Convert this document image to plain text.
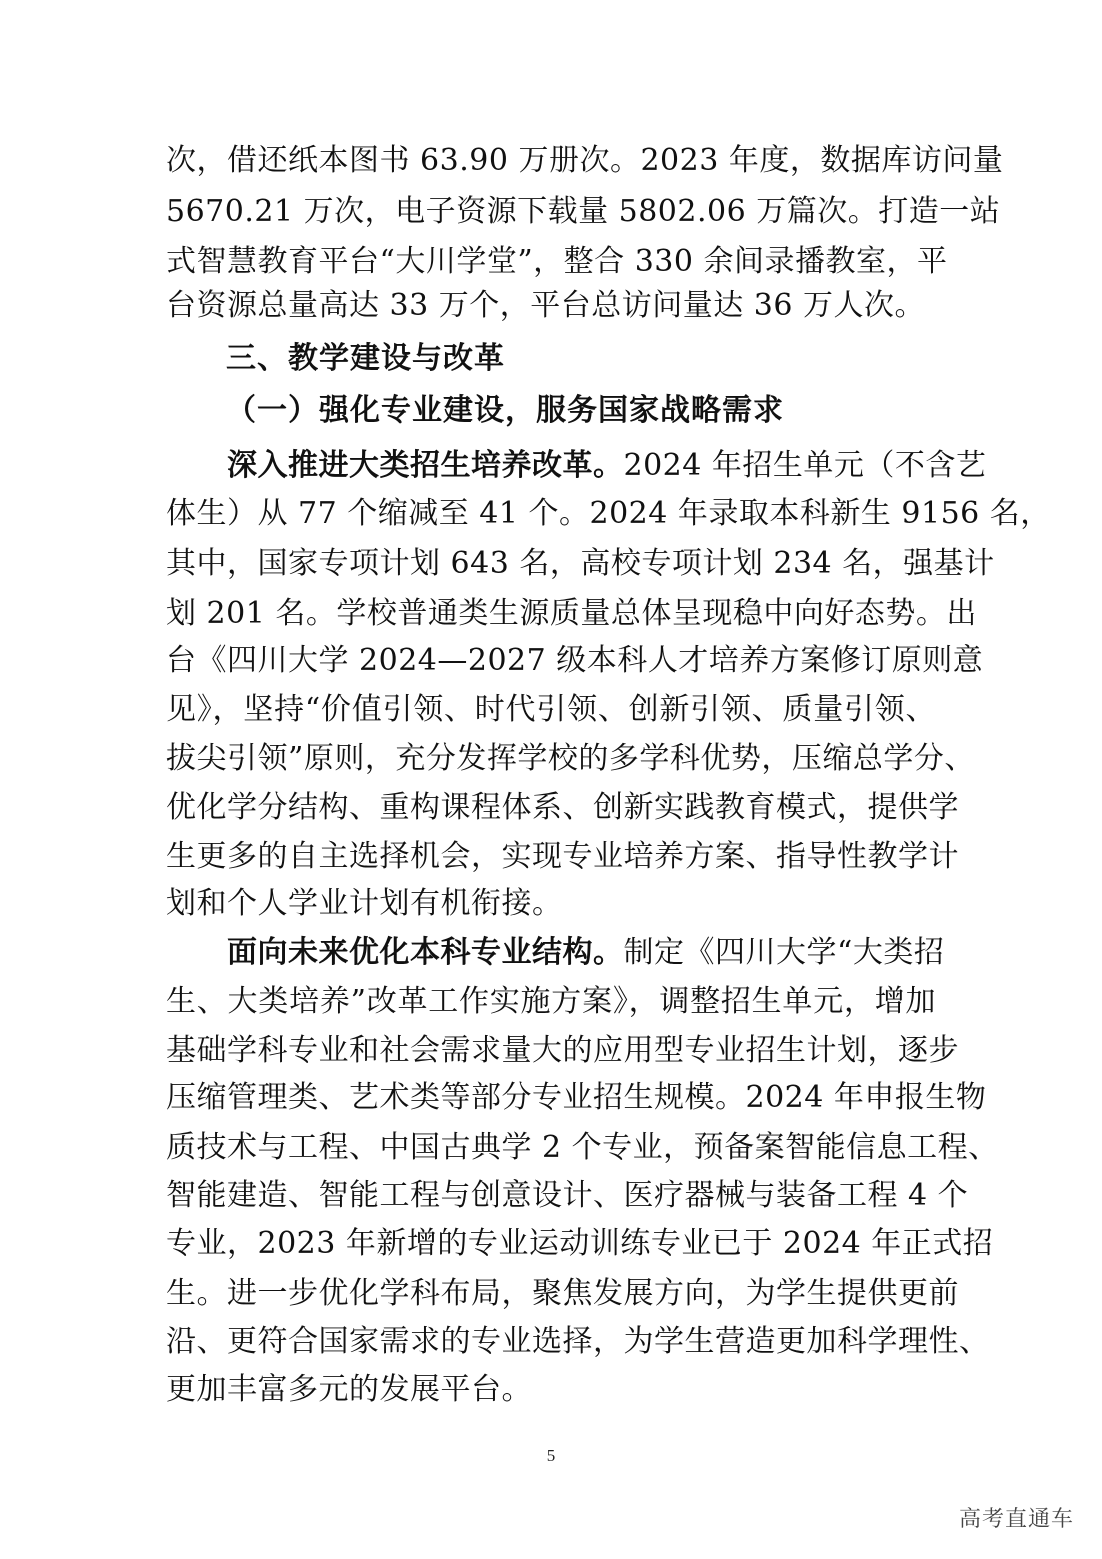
次，借还纸本图书 63.90 万册次。2023 年度，数据库访问量
5670.21 万次，电子资源下载量 5802.06 万篇次。打造一站
式智慧教育平台“大川学堂”，整合 330 余间录播教室，平
台资源总量高达 33 万个，平台总访问量达 36 万人次。
三、教学建设与改革
（一）强化专业建设，服务国家战略需求
深入推进大类招生培养改革。2024 年招生单元（不含艺
体生）从 77 个缩减至 41 个。2024 年录取本科新生 9156 名，
其中，国家专项计划 643 名，高校专项计划 234 名，强基计
划 201 名。学校普通类生源质量总体呈现稳中向好态势。出
台《四川大学 2024—2027 级本科人才培养方案修订原则意
见》，坚持“价值引领、时代引领、创新引领、质量引领、
拔尖引领”原则，充分发挥学校的多学科优势，压缩总学分、
优化学分结构、重构课程体系、创新实践教育模式，提供学
生更多的自主选择机会，实现专业培养方案、指导性教学计
划和个人学业计划有机衔接。
面向未来优化本科专业结构。制定《四川大学“大类招
生、大类培养”改革工作实施方案》，调整招生单元，增加
基础学科专业和社会需求量大的应用型专业招生计划，逐步
压缩管理类、艺术类等部分专业招生规模。2024 年申报生物
质技术与工程、中国古典学 2 个专业，预备案智能信息工程、
智能建造、智能工程与创意设计、医疗器械与装备工程 4 个
专业，2023 年新增的专业运动训练专业已于 2024 年正式招
生。进一步优化学科布局，聚焦发展方向，为学生提供更前
沿、更符合国家需求的专业选择，为学生营造更加科学理性、
更加丰富多元的发展平台。
5
高考直通车
